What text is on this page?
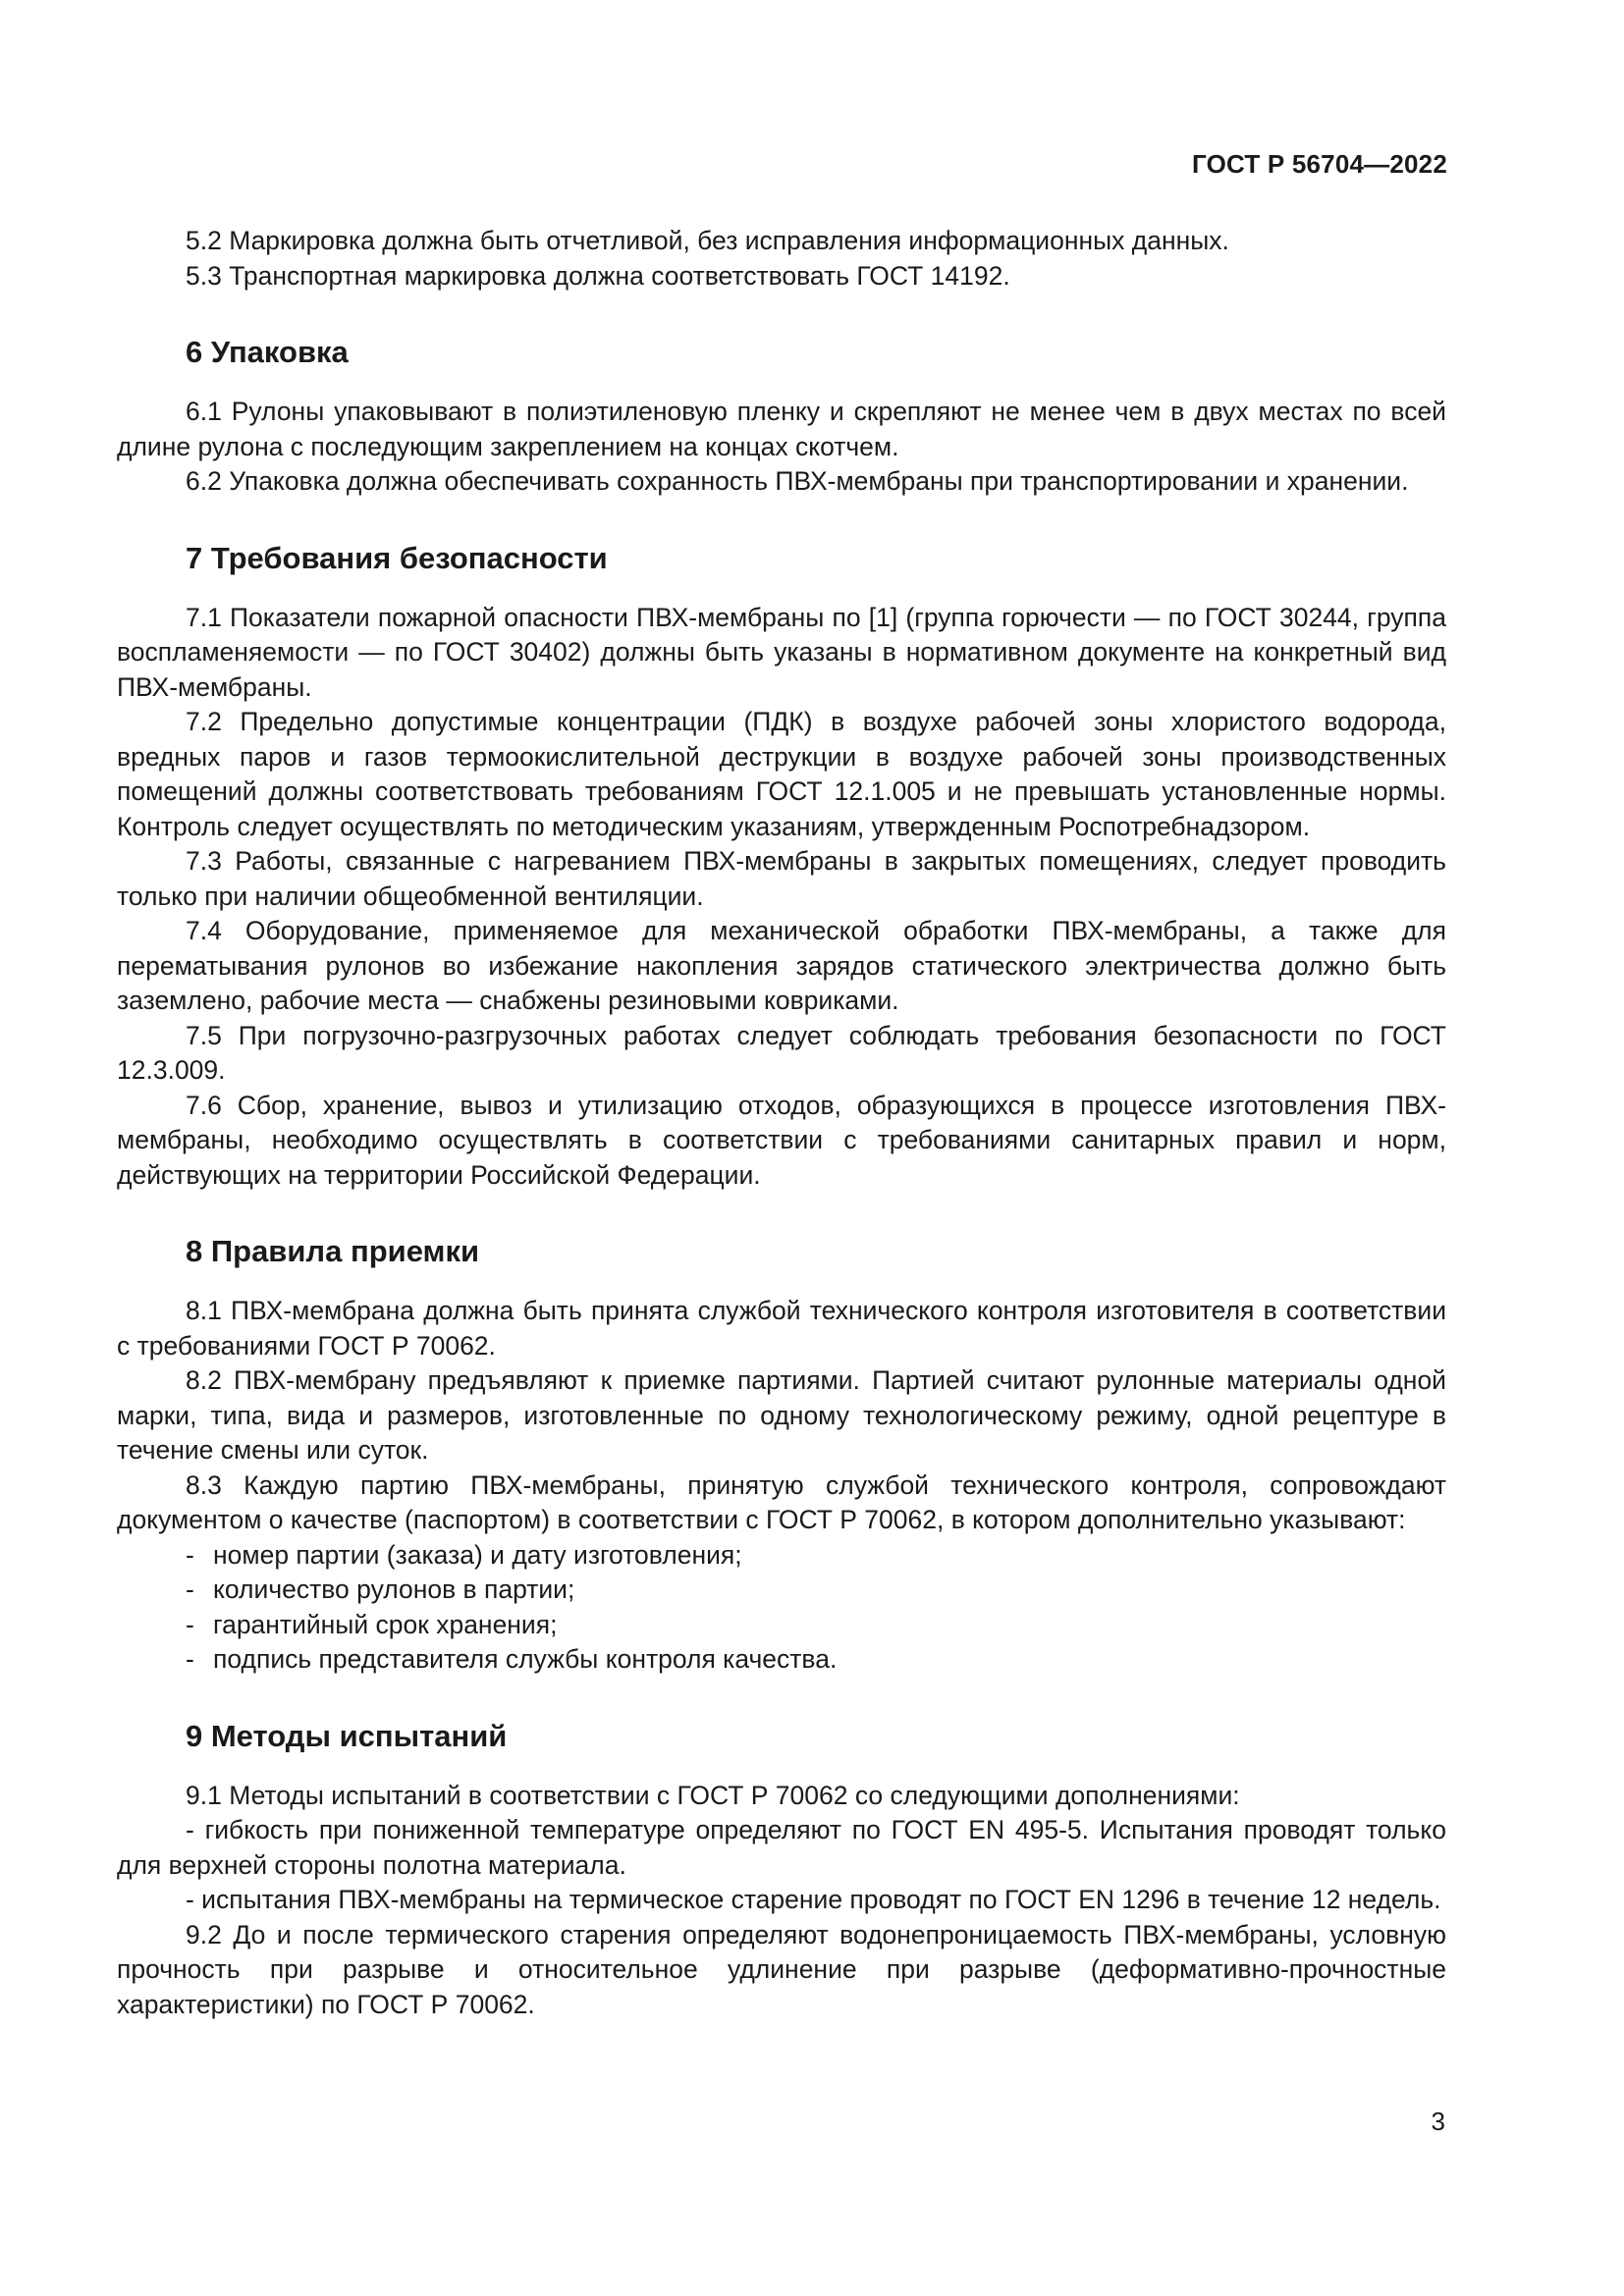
ГОСТ Р 56704—2022

5.2 Маркировка должна быть отчетливой, без исправления информационных данных.

5.3 Транспортная маркировка должна соответствовать ГОСТ 14192.

6 Упаковка

6.1 Рулоны упаковывают в полиэтиленовую пленку и скрепляют не менее чем в двух местах по всей длине рулона с последующим закреплением на концах скотчем.

6.2 Упаковка должна обеспечивать сохранность ПВХ-мембраны при транспортировании и хранении.

7 Требования безопасности

7.1 Показатели пожарной опасности ПВХ-мембраны по [1] (группа горючести — по ГОСТ 30244, группа воспламеняемости — по ГОСТ 30402) должны быть указаны в нормативном документе на конкретный вид ПВХ-мембраны.

7.2 Предельно допустимые концентрации (ПДК) в воздухе рабочей зоны хлористого водорода, вредных паров и газов термоокислительной деструкции в воздухе рабочей зоны производственных помещений должны соответствовать требованиям ГОСТ 12.1.005 и не превышать установленные нормы. Контроль следует осуществлять по методическим указаниям, утвержденным Роспотребнадзором.

7.3 Работы, связанные с нагреванием ПВХ-мембраны в закрытых помещениях, следует проводить только при наличии общеобменной вентиляции.

7.4 Оборудование, применяемое для механической обработки ПВХ-мембраны, а также для перематывания рулонов во избежание накопления зарядов статического электричества должно быть заземлено, рабочие места — снабжены резиновыми ковриками.

7.5 При погрузочно-разгрузочных работах следует соблюдать требования безопасности по ГОСТ 12.3.009.

7.6 Сбор, хранение, вывоз и утилизацию отходов, образующихся в процессе изготовления ПВХ-мембраны, необходимо осуществлять в соответствии с требованиями санитарных правил и норм, действующих на территории Российской Федерации.

8 Правила приемки

8.1 ПВХ-мембрана должна быть принята службой технического контроля изготовителя в соответствии с требованиями ГОСТ Р 70062.

8.2 ПВХ-мембрану предъявляют к приемке партиями. Партией считают рулонные материалы одной марки, типа, вида и размеров, изготовленные по одному технологическому режиму, одной рецептуре в течение смены или суток.

8.3 Каждую партию ПВХ-мембраны, принятую службой технического контроля, сопровождают документом о качестве (паспортом) в соответствии с ГОСТ Р 70062, в котором дополнительно указывают:

- номер партии (заказа) и дату изготовления;
- количество рулонов в партии;
- гарантийный срок хранения;
- подпись представителя службы контроля качества.
9 Методы испытаний

9.1 Методы испытаний в соответствии с ГОСТ Р 70062 со следующими дополнениями:

- гибкость при пониженной температуре определяют по ГОСТ EN 495-5. Испытания проводят только для верхней стороны полотна материала.

- испытания ПВХ-мембраны на термическое старение проводят по ГОСТ EN 1296 в течение 12 недель.

9.2 До и после термического старения определяют водонепроницаемость ПВХ-мембраны, условную прочность при разрыве и относительное удлинение при разрыве (деформативно-прочностные характеристики) по ГОСТ Р 70062.

3
